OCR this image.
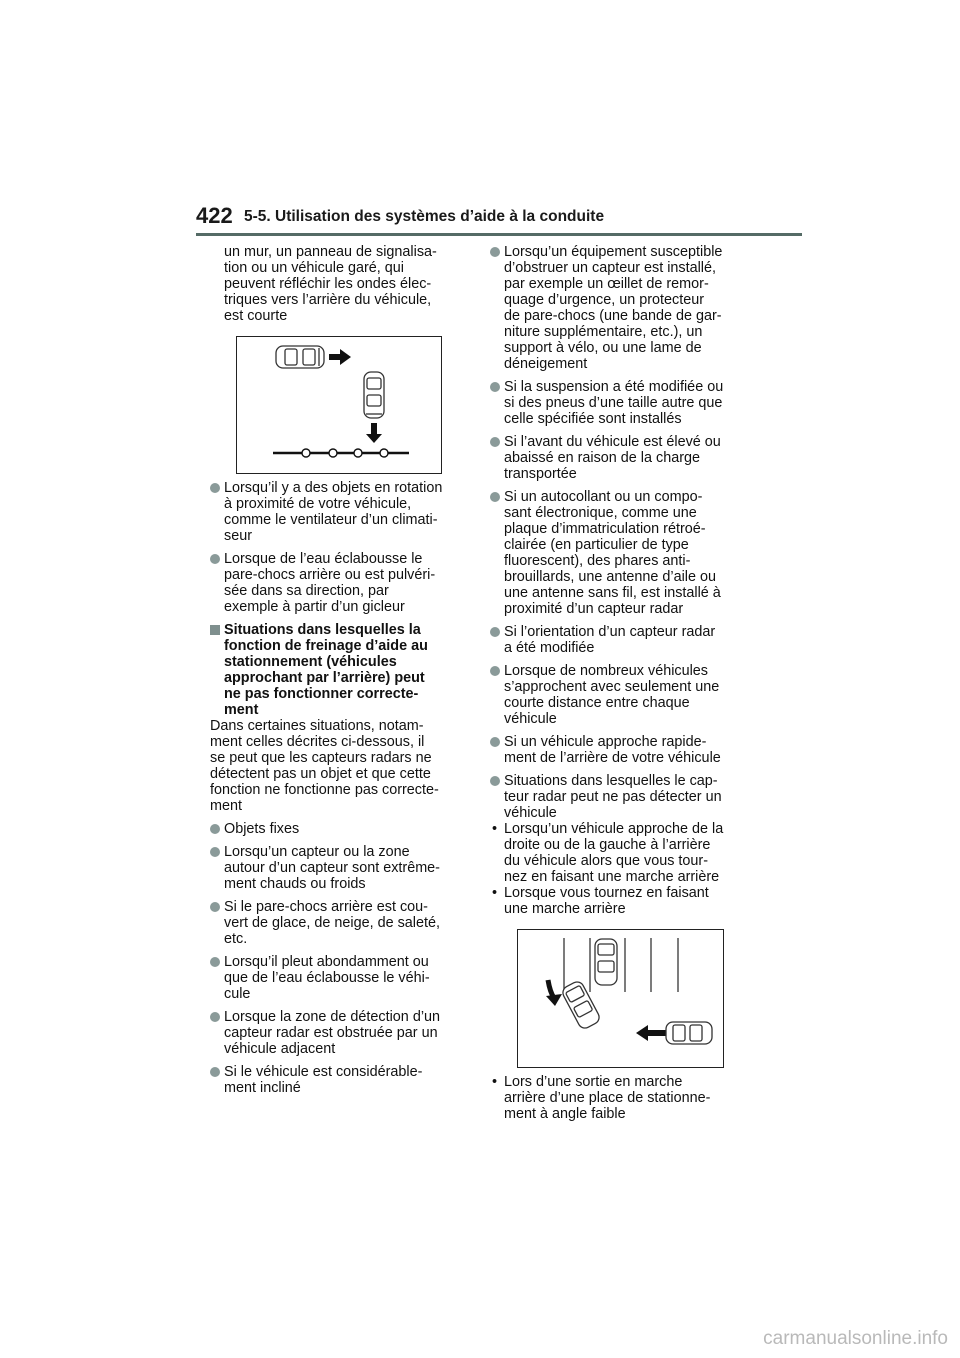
422 5-5. Utilisation des systèmes d’aide à la conduite

un mur, un panneau de signalisa-
tion ou un véhicule garé, qui
peuvent réfléchir les ondes élec-
triques vers l’arrière du véhicule,
est courte

Lorsqu’il y a des objets en rotation
à proximité de votre véhicule,
comme le ventilateur d’un climati-
seur

Lorsque de l’eau éclabousse le
pare-chocs arrière ou est pulvéri-
sée dans sa direction, par
exemple à partir d’un gicleur

Situations dans lesquelles la
fonction de freinage d’aide au
stationnement (véhicules
approchant par l’arrière) peut
ne pas fonctionner correcte-
ment

Dans certaines situations, notam-
ment celles décrites ci-dessous, il
se peut que les capteurs radars ne
détectent pas un objet et que cette
fonction ne fonctionne pas correcte-
ment

Objets fixes

Lorsqu’un capteur ou la zone
autour d’un capteur sont extrême-
ment chauds ou froids

Si le pare-chocs arrière est cou-
vert de glace, de neige, de saleté,
etc.

Lorsqu’il pleut abondamment ou
que de l’eau éclabousse le véhi-
cule

Lorsque la zone de détection d’un
capteur radar est obstruée par un
véhicule adjacent

Si le véhicule est considérable-
ment incliné

Lorsqu’un équipement susceptible
d’obstruer un capteur est installé,
par exemple un œillet de remor-
quage d’urgence, un protecteur
de pare-chocs (une bande de gar-
niture supplémentaire, etc.), un
support à vélo, ou une lame de
déneigement

Si la suspension a été modifiée ou
si des pneus d’une taille autre que
celle spécifiée sont installés

Si l’avant du véhicule est élevé ou
abaissé en raison de la charge
transportée

Si un autocollant ou un compo-
sant électronique, comme une
plaque d’immatriculation rétroé-
clairée (en particulier de type
fluorescent), des phares anti-
brouillards, une antenne d’aile ou
une antenne sans fil, est installé à
proximité d’un capteur radar

Si l’orientation d’un capteur radar
a été modifiée

Lorsque de nombreux véhicules
s’approchent avec seulement une
courte distance entre chaque
véhicule

Si un véhicule approche rapide-
ment de l’arrière de votre véhicule

Situations dans lesquelles le cap-
teur radar peut ne pas détecter un
véhicule

• Lorsqu’un véhicule approche de la
droite ou de la gauche à l’arrière
du véhicule alors que vous tour-
nez en faisant une marche arrière

• Lorsque vous tournez en faisant
une marche arrière

• Lors d’une sortie en marche
arrière d’une place de stationne-
ment à angle faible

carmanualsonline.info
